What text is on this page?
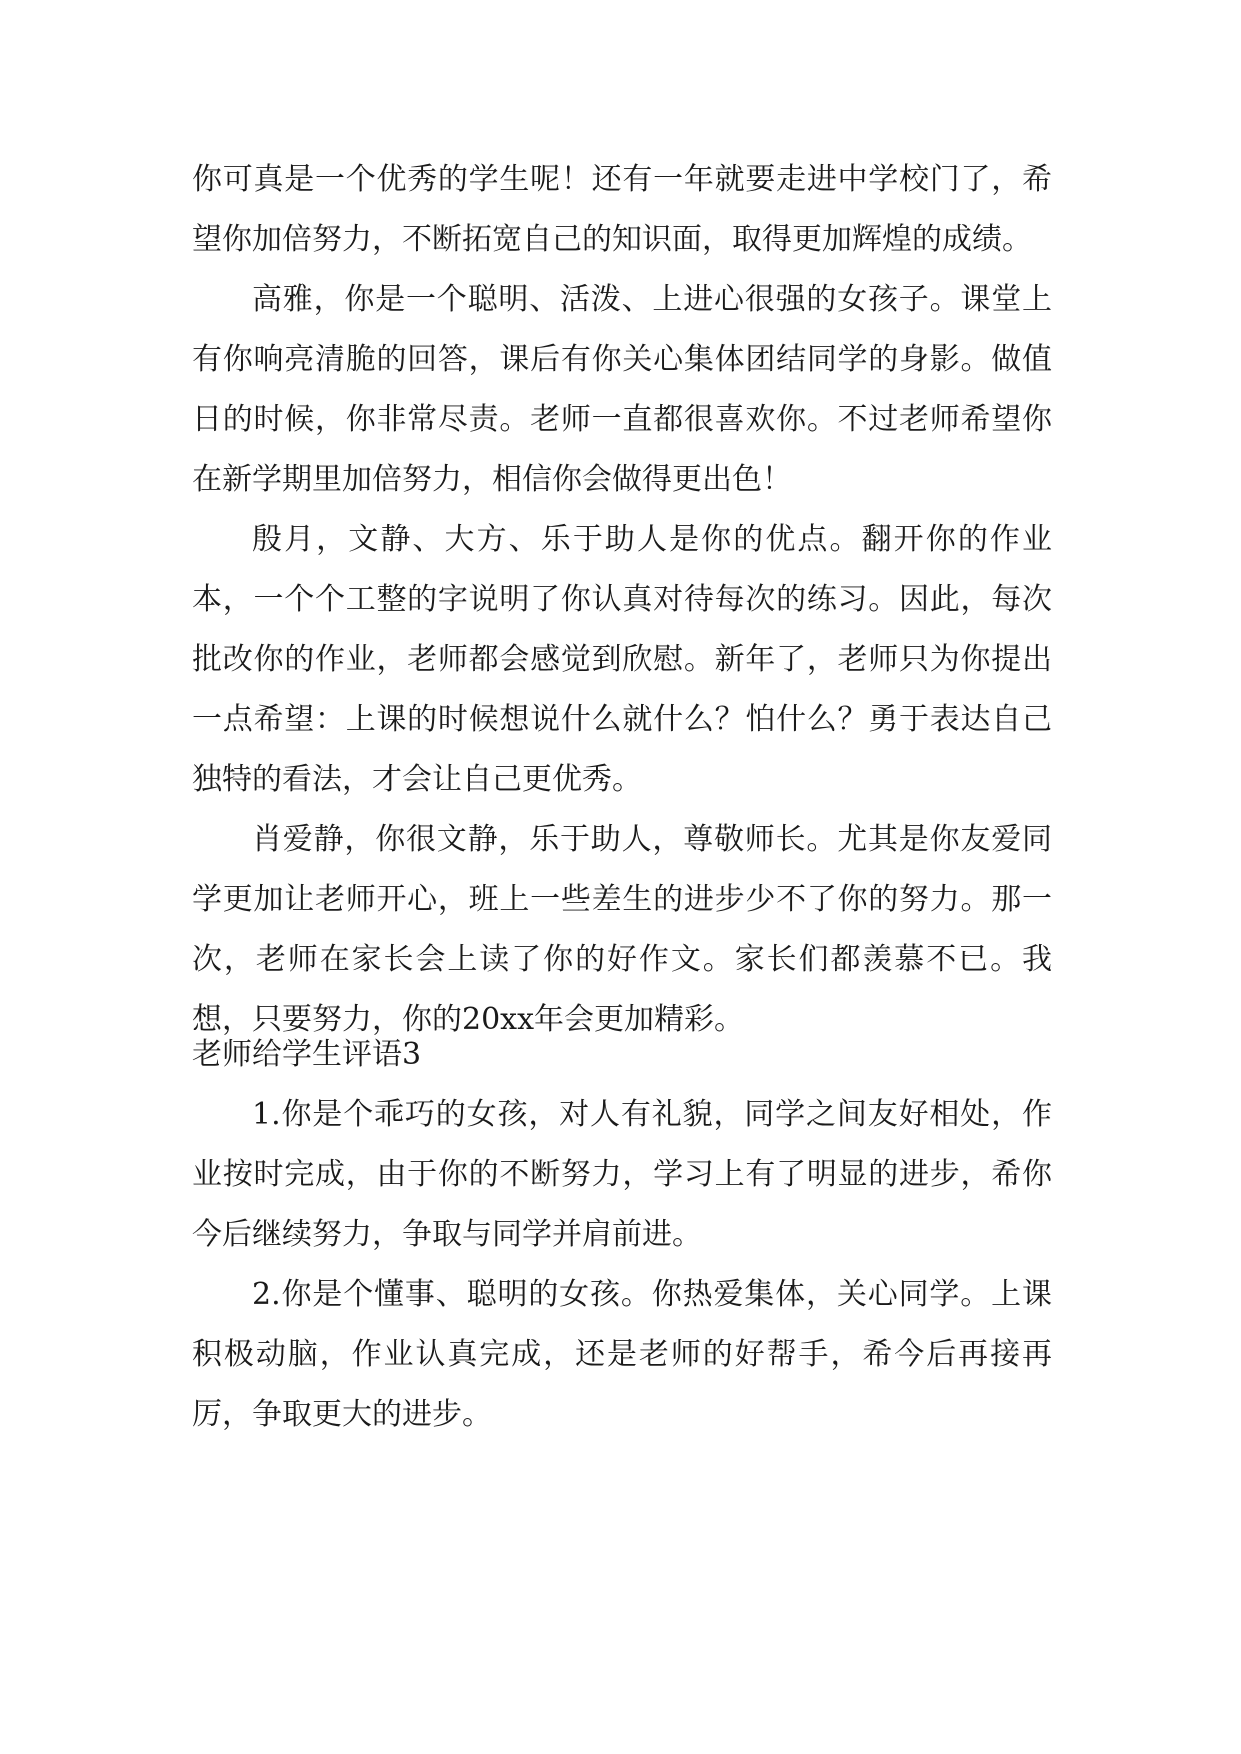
你可真是一个优秀的学生呢！还有一年就要走进中学校门了，希望你加倍努力，不断拓宽自己的知识面，取得更加辉煌的成绩。

高雅，你是一个聪明、活泼、上进心很强的女孩子。课堂上有你响亮清脆的回答，课后有你关心集体团结同学的身影。做值日的时候，你非常尽责。老师一直都很喜欢你。不过老师希望你在新学期里加倍努力，相信你会做得更出色！

殷月，文静、大方、乐于助人是你的优点。翻开你的作业本，一个个工整的字说明了你认真对待每次的练习。因此，每次批改你的作业，老师都会感觉到欣慰。新年了，老师只为你提出一点希望：上课的时候想说什么就什么？怕什么？勇于表达自己独特的看法，才会让自己更优秀。

肖爱静，你很文静，乐于助人，尊敬师长。尤其是你友爱同学更加让老师开心，班上一些差生的进步少不了你的努力。那一次，老师在家长会上读了你的好作文。家长们都羡慕不已。我想，只要努力，你的20xx年会更加精彩。

老师给学生评语3

1.你是个乖巧的女孩，对人有礼貌，同学之间友好相处，作业按时完成，由于你的不断努力，学习上有了明显的进步，希你今后继续努力，争取与同学并肩前进。

2.你是个懂事、聪明的女孩。你热爱集体，关心同学。上课积极动脑，作业认真完成，还是老师的好帮手，希今后再接再厉，争取更大的进步。
